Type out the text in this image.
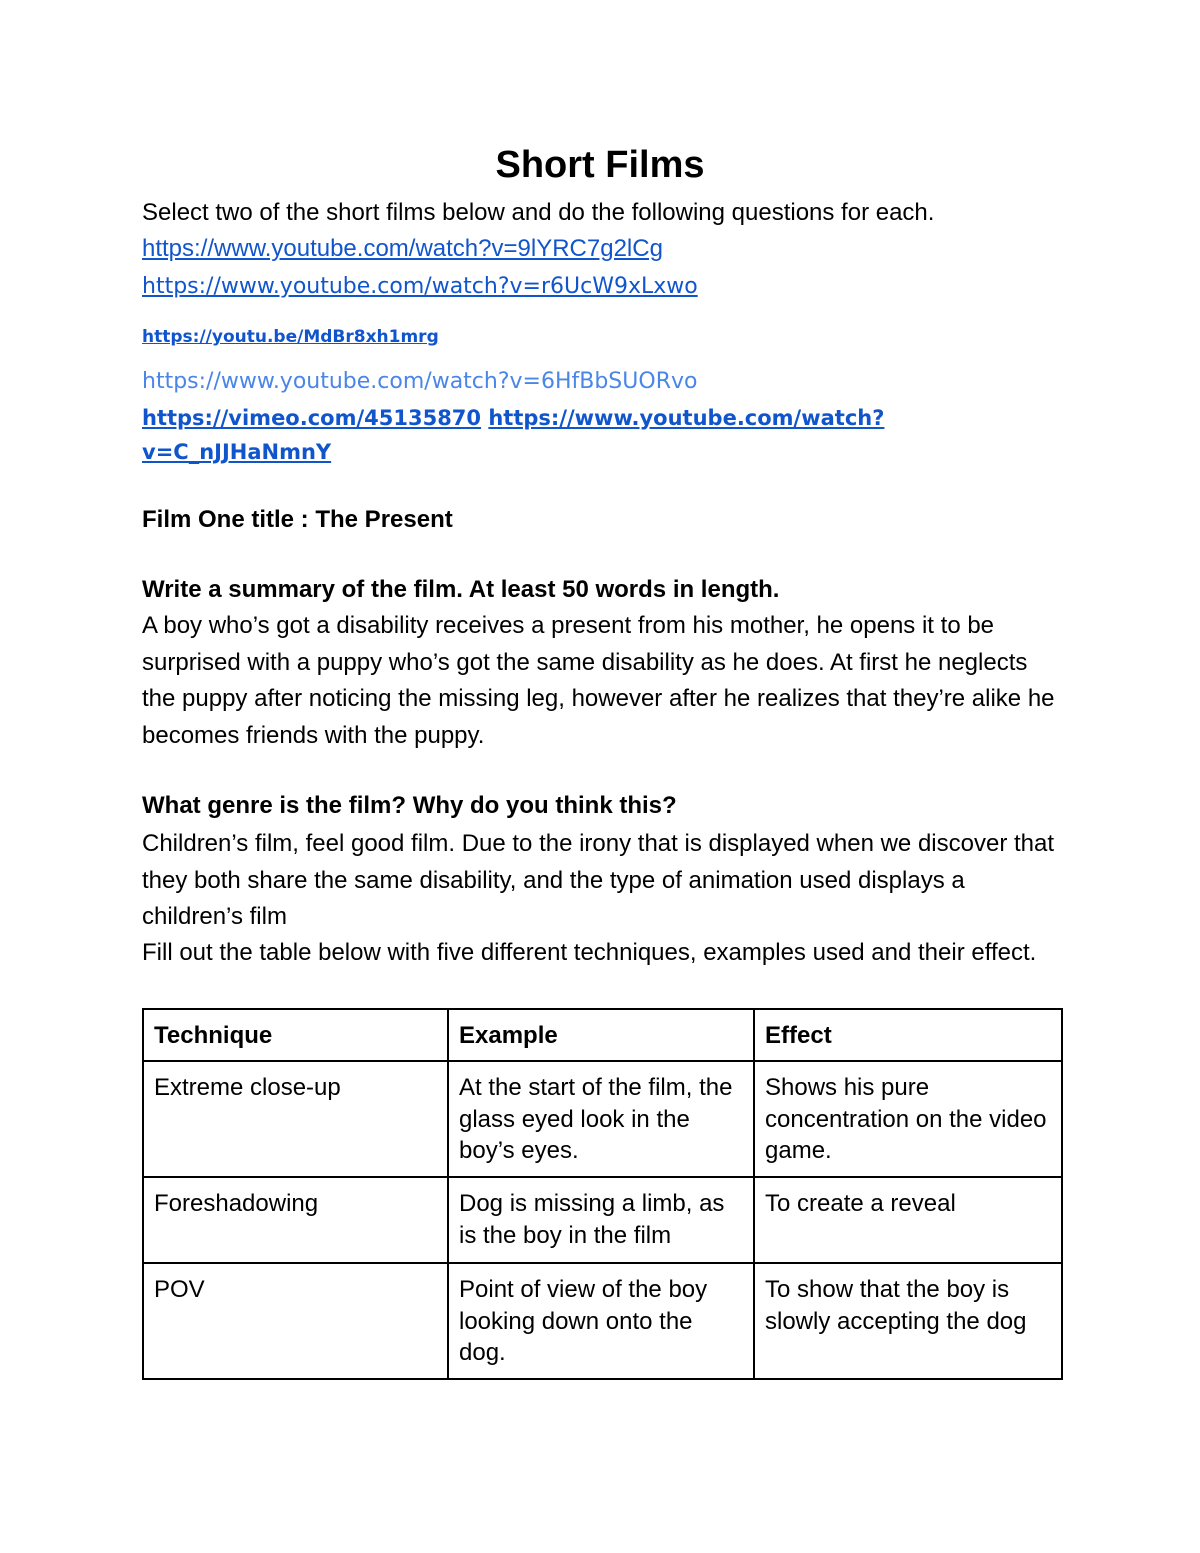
Short Films
Select two of the short films below and do the following questions for each.
https://www.youtube.com/watch?v=9lYRC7g2lCg
https://www.youtube.com/watch?v=r6UcW9xLxwo
https://youtu.be/MdBr8xh1mrg
https://www.youtube.com/watch?v=6HfBbSUORvo
https://vimeo.com/45135870 https://www.youtube.com/watch?
v=C_nJJHaNmnY
Film One title : The Present
Write a summary of the film. At least 50 words in length.
A boy who’s got a disability receives a present from his mother, he opens it to be surprised with a puppy who’s got the same disability as he does. At first he neglects the puppy after noticing the missing leg, however after he realizes that they’re alike he becomes friends with the puppy.
What genre is the film? Why do you think this?
Children’s film, feel good film. Due to the irony that is displayed when we discover that they both share the same disability, and the type of animation used displays a children’s film
Fill out the table below with five different techniques, examples used and their effect.
Technique	Example	Effect
Extreme close-up	At the start of the film, the glass eyed look in the boy’s eyes.	Shows his pure concentration on the video game.
Foreshadowing	Dog is missing a limb, as is the boy in the film	To create a reveal
POV	Point of view of the boy looking down onto the dog.	To show that the boy is slowly accepting the dog
